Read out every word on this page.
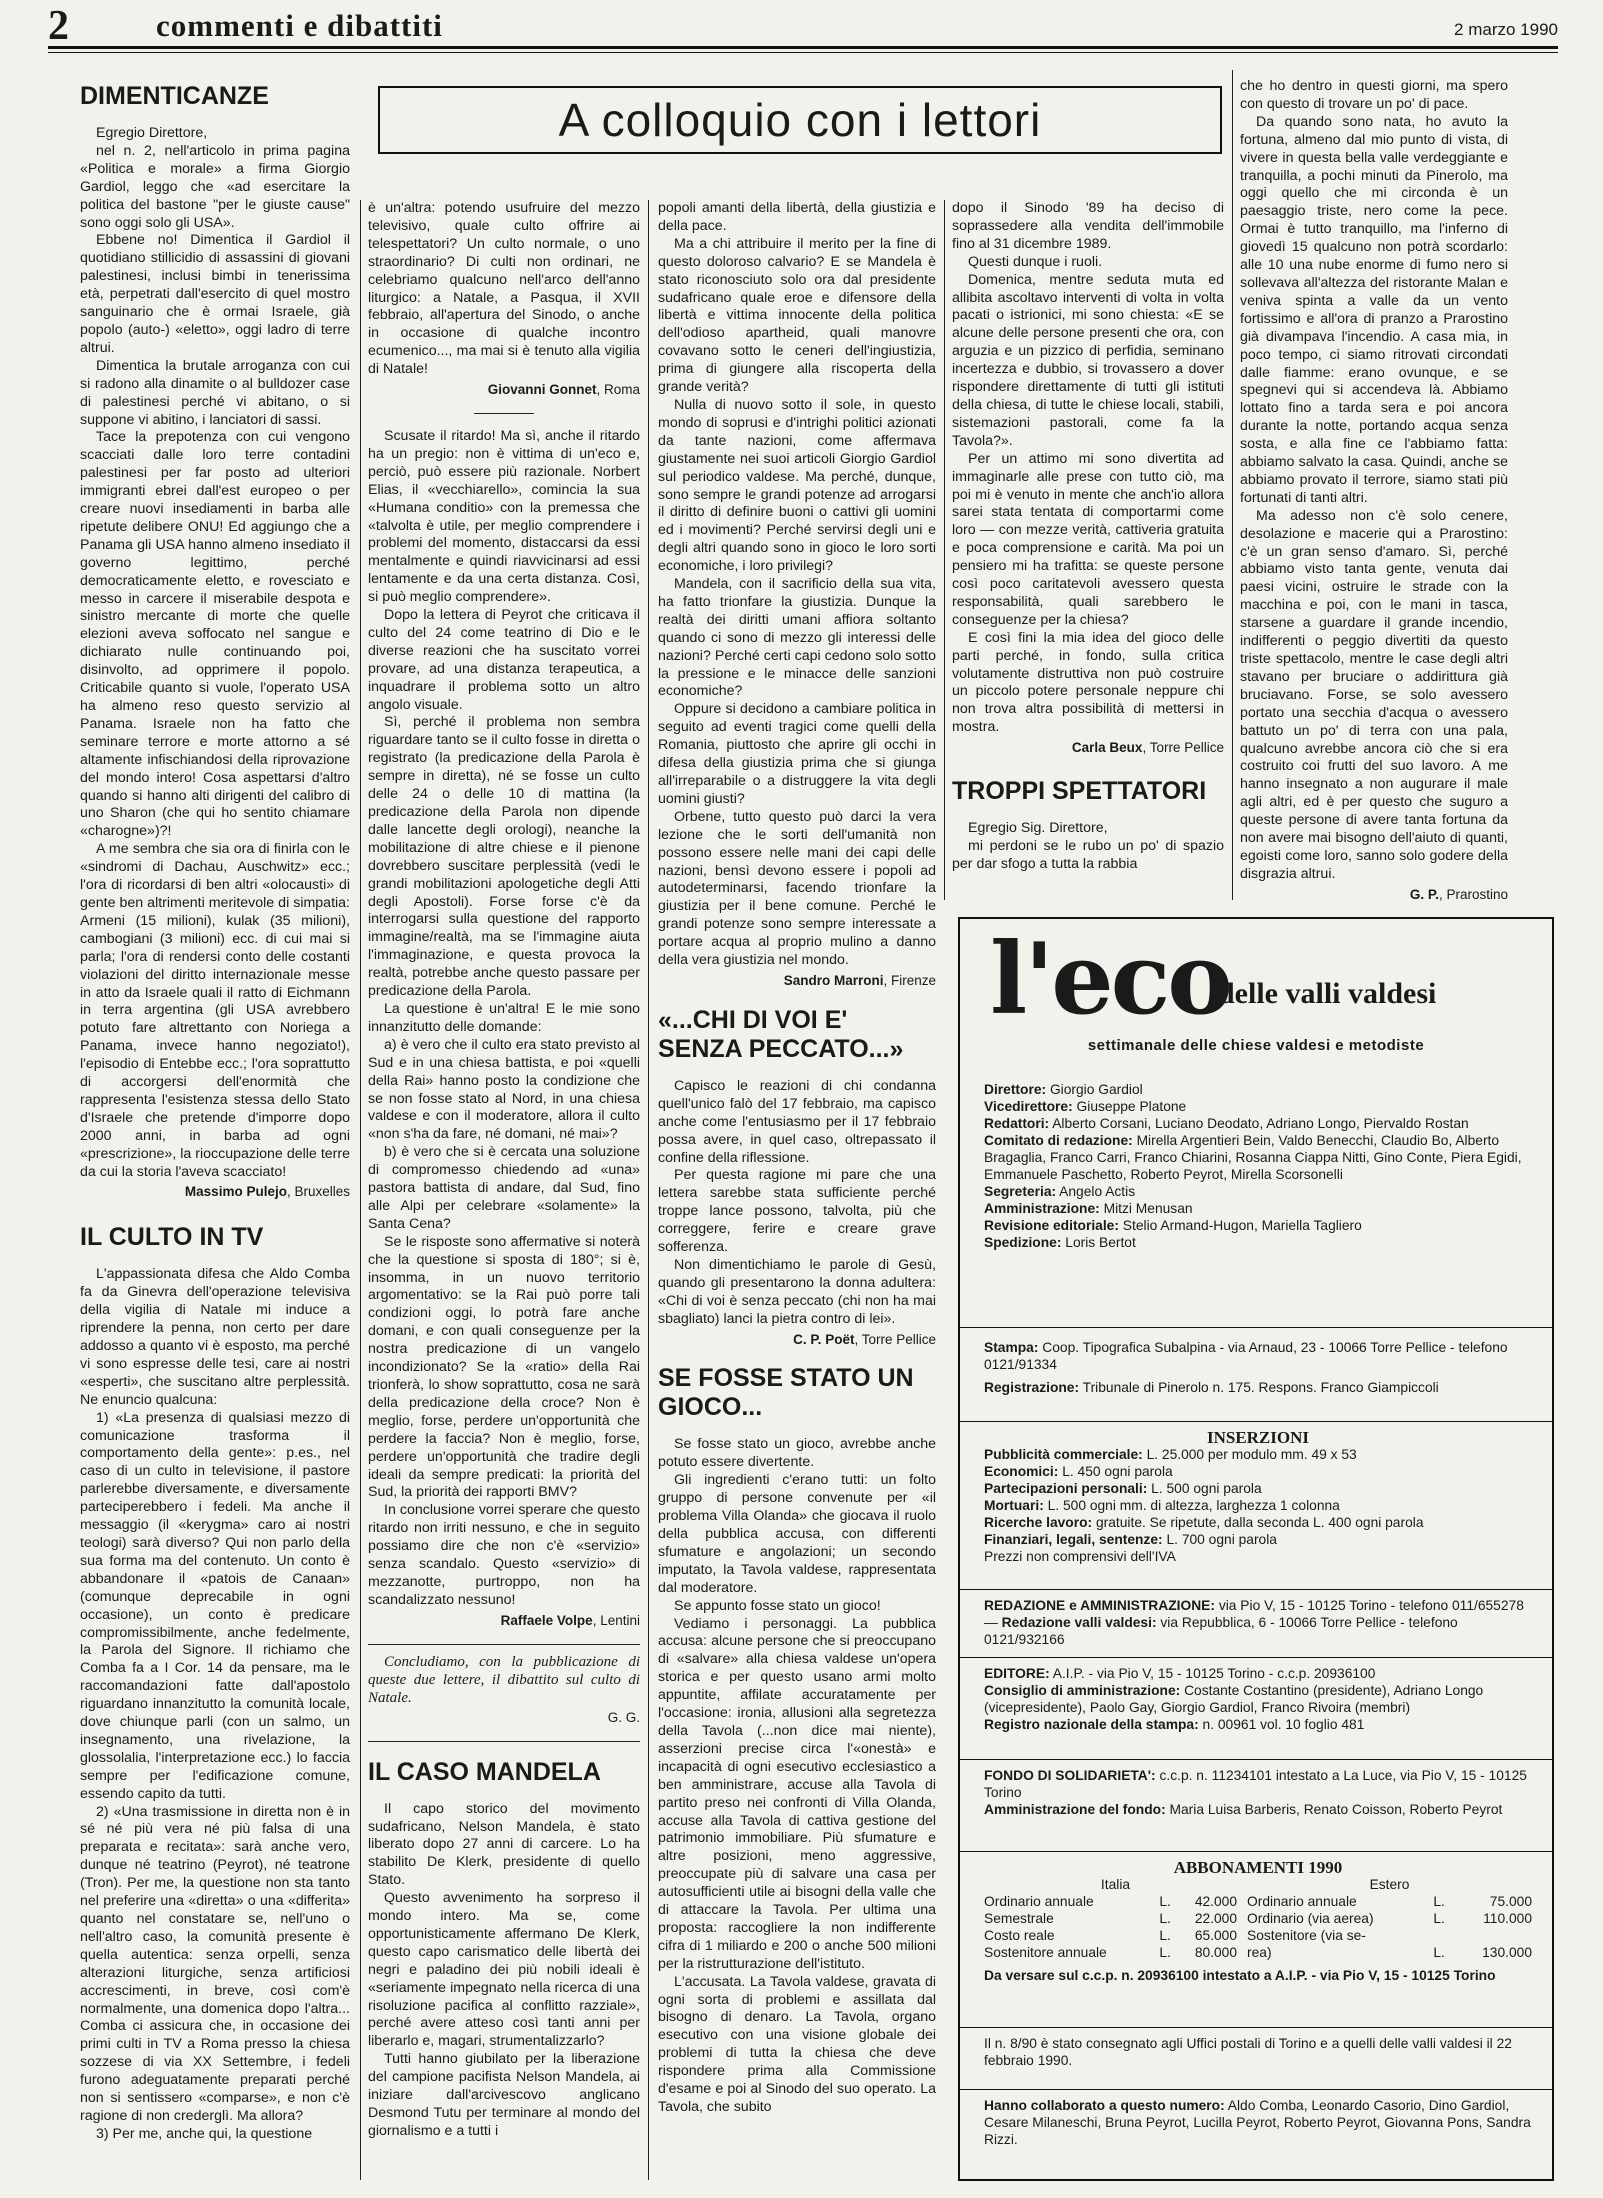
2	commenti e dibattiti	2 marzo 1990
A colloquio con i lettori
DIMENTICANZE

Egregio Direttore,

nel n. 2, nell'articolo in prima pagina «Politica e morale» a firma Giorgio Gardiol, leggo che «ad esercitare la politica del bastone "per le giuste cause" sono oggi solo gli USA».

Ebbene no! Dimentica il Gardiol il quotidiano stillicidio di assassini di giovani palestinesi, inclusi bimbi in tenerissima età, perpetrati dall'esercito di quel mostro sanguinario che è ormai Israele, già popolo (auto-) «eletto», oggi ladro di terre altrui.

Dimentica la brutale arroganza con cui si radono alla dinamite o al bulldozer case di palestinesi perché vi abitano, o si suppone vi abitino, i lanciatori di sassi.

Tace la prepotenza con cui vengono scacciati dalle loro terre contadini palestinesi per far posto ad ulteriori immigranti ebrei dall'est europeo o per creare nuovi insediamenti in barba alle ripetute delibere ONU! Ed aggiungo che a Panama gli USA hanno almeno insediato il governo legittimo, perché democraticamente eletto, e rovesciato e messo in carcere il miserabile despota e sinistro mercante di morte che quelle elezioni aveva soffocato nel sangue e dichiarato nulle continuando poi, disinvolto, ad opprimere il popolo. Criticabile quanto si vuole, l'operato USA ha almeno reso questo servizio al Panama. Israele non ha fatto che seminare terrore e morte attorno a sé altamente infischiandosi della riprovazione del mondo intero! Cosa aspettarsi d'altro quando si hanno alti dirigenti del calibro di uno Sharon (che qui ho sentito chiamare «charogne»)?!

A me sembra che sia ora di finirla con le «sindromi di Dachau, Auschwitz» ecc.; l'ora di ricordarsi di ben altri «olocausti» di gente ben altrimenti meritevole di simpatia: Armeni (15 milioni), kulak (35 milioni), cambogiani (3 milioni) ecc. di cui mai si parla; l'ora di rendersi conto delle costanti violazioni del diritto internazionale messe in atto da Israele quali il ratto di Eichmann in terra argentina (gli USA avrebbero potuto fare altrettanto con Noriega a Panama, invece hanno negoziato!), l'episodio di Entebbe ecc.; l'ora soprattutto di accorgersi dell'enormità che rappresenta l'esistenza stessa dello Stato d'Israele che pretende d'imporre dopo 2000 anni, in barba ad ogni «prescrizione», la rioccupazione delle terre da cui la storia l'aveva scacciato!

Massimo Pulejo, Bruxelles
IL CULTO IN TV

L'appassionata difesa che Aldo Comba fa da Ginevra dell'operazione televisiva della vigilia di Natale mi induce a riprendere la penna, non certo per dare addosso a quanto vi è esposto, ma perché vi sono espresse delle tesi, care ai nostri «esperti», che suscitano altre perplessità. Ne enuncio qualcuna:

1) «La presenza di qualsiasi mezzo di comunicazione trasforma il comportamento della gente»: p.es., nel caso di un culto in televisione, il pastore parlerebbe diversamente, e diversamente parteciperebbero i fedeli. Ma anche il messaggio (il «kerygma» caro ai nostri teologi) sarà diverso? Qui non parlo della sua forma ma del contenuto. Un conto è abbandonare il «patois de Canaan» (comunque deprecabile in ogni occasione), un conto è predicare compromissibilmente, anche fedelmente, la Parola del Signore. Il richiamo che Comba fa a I Cor. 14 da pensare, ma le raccomandazioni fatte dall'apostolo riguardano innanzitutto la comunità locale, dove chiunque parli (con un salmo, un insegnamento, una rivelazione, la glossolalia, l'interpretazione ecc.) lo faccia sempre per l'edificazione comune, essendo capito da tutti.

2) «Una trasmissione in diretta non è in sé né più vera né più falsa di una preparata e recitata»: sarà anche vero, dunque né teatrino (Peyrot), né teatrone (Tron). Per me, la questione non sta tanto nel preferire una «diretta» o una «differita» quanto nel constatare se, nell'uno o nell'altro caso, la comunità presente è quella autentica: senza orpelli, senza alterazioni liturgiche, senza artificiosi accrescimenti, in breve, così com'è normalmente, una domenica dopo l'altra... Comba ci assicura che, in occasione dei primi culti in TV a Roma presso la chiesa sozzese di via XX Settembre, i fedeli furono adeguatamente preparati perché non si sentissero «comparse», e non c'è ragione di non crederglì. Ma allora?

3) Per me, anche qui, la questione

è un'altra: potendo usufruire del mezzo televisivo, quale culto offrire ai telespettatori? Un culto normale, o uno straordinario? Di culti non ordinari, ne celebriamo qualcuno nell'arco dell'anno liturgico: a Natale, a Pasqua, il XVII febbraio, all'apertura del Sinodo, o anche in occasione di qualche incontro ecumenico..., ma mai si è tenuto alla vigilia di Natale!

Giovanni Gonnet, Roma

Scusate il ritardo! Ma sì, anche il ritardo ha un pregio: non è vittima di un'eco e, perciò, può essere più razionale. Norbert Elias, il «vecchiarello», comincia la sua «Humana conditio» con la premessa che «talvolta è utile, per meglio comprendere i problemi del momento, distaccarsi da essi mentalmente e quindi riavvicinarsi ad essi lentamente e da una certa distanza. Così, si può meglio comprendere».

Dopo la lettera di Peyrot che criticava il culto del 24 come teatrino di Dio e le diverse reazioni che ha suscitato vorrei provare, ad una distanza terapeutica, a inquadrare il problema sotto un altro angolo visuale.

Sì, perché il problema non sembra riguardare tanto se il culto fosse in diretta o registrato (la predicazione della Parola è sempre in diretta), né se fosse un culto delle 24 o delle 10 di mattina (la predicazione della Parola non dipende dalle lancette degli orologi), neanche la mobilitazione di altre chiese e il pienone dovrebbero suscitare perplessità (vedi le grandi mobilitazioni apologetiche degli Atti degli Apostoli). Forse forse c'è da interrogarsi sulla questione del rapporto immagine/realtà, ma se l'immagine aiuta l'immaginazione, e questa provoca la realtà, potrebbe anche questo passare per predicazione della Parola.

La questione è un'altra! E le mie sono innanzitutto delle domande:

a) è vero che il culto era stato previsto al Sud e in una chiesa battista, e poi «quelli della Rai» hanno posto la condizione che se non fosse stato al Nord, in una chiesa valdese e con il moderatore, allora il culto «non s'ha da fare, né domani, né mai»?

b) è vero che si è cercata una soluzione di compromesso chiedendo ad «una» pastora battista di andare, dal Sud, fino alle Alpi per celebrare «solamente» la Santa Cena?

Se le risposte sono affermative si noterà che la questione si sposta di 180°; si è, insomma, in un nuovo territorio argomentativo: se la Rai può porre tali condizioni oggi, lo potrà fare anche domani, e con quali conseguenze per la nostra predicazione di un vangelo incondizionato? Se la «ratio» della Rai trionferà, lo show soprattutto, cosa ne sarà della predicazione della croce? Non è meglio, forse, perdere un'opportunità che perdere la faccia? Non è meglio, forse, perdere un'opportunità che tradire degli ideali da sempre predicati: la priorità del Sud, la priorità dei rapporti BMV?

In conclusione vorrei sperare che questo ritardo non irriti nessuno, e che in seguito possiamo dire che non c'è «servizio» senza scandalo. Questo «servizio» di mezzanotte, purtroppo, non ha scandalizzato nessuno!

Raffaele Volpe, Lentini

Concludiamo, con la pubblicazione di queste due lettere, il dibattito sul culto di Natale.

G. G.
IL CASO MANDELA

Il capo storico del movimento sudafricano, Nelson Mandela, è stato liberato dopo 27 anni di carcere. Lo ha stabilito De Klerk, presidente di quello Stato.

Questo avvenimento ha sorpreso il mondo intero. Ma se, come opportunisticamente affermano De Klerk, questo capo carismatico delle libertà dei negri e paladino dei più nobili ideali è «seriamente impegnato nella ricerca di una risoluzione pacifica al conflitto razziale», perché avere atteso così tanti anni per liberarlo e, magari, strumentalizzarlo?

Tutti hanno giubilato per la liberazione del campione pacifista Nelson Mandela, ai iniziare dall'arcivescovo anglicano Desmond Tutu per terminare al mondo del giornalismo e a tutti i

popoli amanti della libertà, della giustizia e della pace.

Ma a chi attribuire il merito per la fine di questo doloroso calvario? E se Mandela è stato riconosciuto solo ora dal presidente sudafricano quale eroe e difensore della libertà e vittima innocente della politica dell'odioso apartheid, quali manovre covavano sotto le ceneri dell'ingiustizia, prima di giungere alla riscoperta della grande verità?

Nulla di nuovo sotto il sole, in questo mondo di soprusi e d'intrighi politici azionati da tante nazioni, come affermava giustamente nei suoi articoli Giorgio Gardiol sul periodico valdese. Ma perché, dunque, sono sempre le grandi potenze ad arrogarsi il diritto di definire buoni o cattivi gli uomini ed i movimenti? Perché servirsi degli uni e degli altri quando sono in gioco le loro sorti economiche, i loro privilegi?

Mandela, con il sacrificio della sua vita, ha fatto trionfare la giustizia. Dunque la realtà dei diritti umani affiora soltanto quando ci sono di mezzo gli interessi delle nazioni? Perché certi capi cedono solo sotto la pressione e le minacce delle sanzioni economiche?

Oppure si decidono a cambiare politica in seguito ad eventi tragici come quelli della Romania, piuttosto che aprire gli occhi in difesa della giustizia prima che si giunga all'irreparabile o a distruggere la vita degli uomini giusti?

Orbene, tutto questo può darci la vera lezione che le sorti dell'umanità non possono essere nelle mani dei capi delle nazioni, bensì devono essere i popoli ad autodeterminarsi, facendo trionfare la giustizia per il bene comune. Perché le grandi potenze sono sempre interessate a portare acqua al proprio mulino a danno della vera giustizia nel mondo.

Sandro Marroni, Firenze
«...CHI DI VOI E' SENZA PECCATO...»

Capisco le reazioni di chi condanna quell'unico falò del 17 febbraio, ma capisco anche come l'entusiasmo per il 17 febbraio possa avere, in quel caso, oltrepassato il confine della riflessione.

Per questa ragione mi pare che una lettera sarebbe stata sufficiente perché troppe lance possono, talvolta, più che correggere, ferire e creare grave sofferenza.

Non dimentichiamo le parole di Gesù, quando gli presentarono la donna adultera: «Chi di voi è senza peccato (chi non ha mai sbagliato) lanci la pietra contro di lei».

C. P. Poët, Torre Pellice
SE FOSSE STATO UN GIOCO...

Se fosse stato un gioco, avrebbe anche potuto essere divertente.

Gli ingredienti c'erano tutti: un folto gruppo di persone convenute per «il problema Villa Olanda» che giocava il ruolo della pubblica accusa, con differenti sfumature e angolazioni; un secondo imputato, la Tavola valdese, rappresentata dal moderatore.

Se appunto fosse stato un gioco!

Vediamo i personaggi. La pubblica accusa: alcune persone che si preoccupano di «salvare» alla chiesa valdese un'opera storica e per questo usano armi molto appuntite, affilate accuratamente per l'occasione: ironia, allusioni alla segretezza della Tavola (...non dice mai niente), asserzioni precise circa l'«onestà» e incapacità di ogni esecutivo ecclesiastico a ben amministrare, accuse alla Tavola di partito preso nei confronti di Villa Olanda, accuse alla Tavola di cattiva gestione del patrimonio immobiliare. Più sfumature e altre posizioni, meno aggressive, preoccupate più di salvare una casa per autosufficienti utile ai bisogni della valle che di attaccare la Tavola. Per ultima una proposta: raccogliere la non indifferente cifra di 1 miliardo e 200 o anche 500 milioni per la ristrutturazione dell'istituto.

L'accusata. La Tavola valdese, gravata di ogni sorta di problemi e assillata dal bisogno di denaro. La Tavola, organo esecutivo con una visione globale dei problemi di tutta la chiesa che deve rispondere prima alla Commissione d'esame e poi al Sinodo del suo operato. La Tavola, che subito

dopo il Sinodo '89 ha deciso di soprassedere alla vendita dell'immobile fino al 31 dicembre 1989.

Questi dunque i ruoli.

Domenica, mentre seduta muta ed allibita ascoltavo interventi di volta in volta pacati o istrionici, mi sono chiesta: «E se alcune delle persone presenti che ora, con arguzia e un pizzico di perfidia, seminano incertezza e dubbio, si trovassero a dover rispondere direttamente di tutti gli istituti della chiesa, di tutte le chiese locali, stabili, sistemazioni pastorali, come fa la Tavola?».

Per un attimo mi sono divertita ad immaginarle alle prese con tutto ciò, ma poi mi è venuto in mente che anch'io allora sarei stata tentata di comportarmi come loro — con mezze verità, cattiveria gratuita e poca comprensione e carità. Ma poi un pensiero mi ha trafitta: se queste persone così poco caritatevoli avessero questa responsabilità, quali sarebbero le conseguenze per la chiesa?

E così fini la mia idea del gioco delle parti perché, in fondo, sulla critica volutamente distruttiva non può costruire un piccolo potere personale neppure chi non trova altra possibilità di mettersi in mostra.

Carla Beux, Torre Pellice
TROPPI SPETTATORI

Egregio Sig. Direttore,

mi perdoni se le rubo un po' di spazio per dar sfogo a tutta la rabbia

che ho dentro in questi giorni, ma spero con questo di trovare un po' di pace.

Da quando sono nata, ho avuto la fortuna, almeno dal mio punto di vista, di vivere in questa bella valle verdeggiante e tranquilla, a pochi minuti da Pinerolo, ma oggi quello che mi circonda è un paesaggio triste, nero come la pece. Ormai è tutto tranquillo, ma l'inferno di giovedì 15 qualcuno non potrà scordarlo: alle 10 una nube enorme di fumo nero si sollevava all'altezza del ristorante Malan e veniva spinta a valle da un vento fortissimo e all'ora di pranzo a Prarostino già divampava l'incendio. A casa mia, in poco tempo, ci siamo ritrovati circondati dalle fiamme: erano ovunque, e se spegnevi qui si accendeva là. Abbiamo lottato fino a tarda sera e poi ancora durante la notte, portando acqua senza sosta, e alla fine ce l'abbiamo fatta: abbiamo salvato la casa. Quindi, anche se abbiamo provato il terrore, siamo stati più fortunati di tanti altri.

Ma adesso non c'è solo cenere, desolazione e macerie qui a Prarostino: c'è un gran senso d'amaro. Sì, perché abbiamo visto tanta gente, venuta dai paesi vicini, ostruire le strade con la macchina e poi, con le mani in tasca, starsene a guardare il grande incendio, indifferenti o peggio divertiti da questo triste spettacolo, mentre le case degli altri stavano per bruciare o addirittura già bruciavano. Forse, se solo avessero portato una secchia d'acqua o avessero battuto un po' di terra con una pala, qualcuno avrebbe ancora ciò che si era costruito coi frutti del suo lavoro. A me hanno insegnato a non augurare il male agli altri, ed è per questo che suguro a queste persone di avere tanta fortuna da non avere mai bisogno dell'aiuto di quanti, egoisti come loro, sanno solo godere della disgrazia altrui.

G. P., Prarostino
l'eco
delle valli valdesi
settimanale delle chiese valdesi e metodiste
Direttore: Giorgio Gardiol
Vicedirettore: Giuseppe Platone
Redattori: Alberto Corsani, Luciano Deodato, Adriano Longo, Piervaldo Rostan
Comitato di redazione: Mirella Argentieri Bein, Valdo Benecchi, Claudio Bo, Alberto Bragaglia, Franco Carri, Franco Chiarini, Rosanna Ciappa Nitti, Gino Conte, Piera Egidi, Emmanuele Paschetto, Roberto Peyrot, Mirella Scorsonelli
Segreteria: Angelo Actis
Amministrazione: Mitzi Menusan
Revisione editoriale: Stelio Armand-Hugon, Mariella Tagliero
Spedizione: Loris Bertot
Stampa: Coop. Tipografica Subalpina - via Arnaud, 23 - 10066 Torre Pellice - telefono 0121/91334
Registrazione: Tribunale di Pinerolo n. 175. Respons. Franco Giampiccoli
INSERZIONI
Pubblicità commerciale: L. 25.000 per modulo mm. 49 x 53
Economici: L. 450 ogni parola
Partecipazioni personali: L. 500 ogni parola
Mortuari: L. 500 ogni mm. di altezza, larghezza 1 colonna
Ricerche lavoro: gratuite. Se ripetute, dalla seconda L. 400 ogni parola
Finanziari, legali, sentenze: L. 700 ogni parola
Prezzi non comprensivi dell'IVA
REDAZIONE e AMMINISTRAZIONE: via Pio V, 15 - 10125 Torino - telefono 011/655278 — Redazione valli valdesi: via Repubblica, 6 - 10066 Torre Pellice - telefono 0121/932166
EDITORE: A.I.P. - via Pio V, 15 - 10125 Torino - c.c.p. 20936100
Consiglio di amministrazione: Costante Costantino (presidente), Adriano Longo (vicepresidente), Paolo Gay, Giorgio Gardiol, Franco Rivoira (membri)
Registro nazionale della stampa: n. 00961 vol. 10 foglio 481
FONDO DI SOLIDARIETA': c.c.p. n. 11234101 intestato a La Luce, via Pio V, 15 - 10125 Torino
Amministrazione del fondo: Maria Luisa Barberis, Renato Coisson, Roberto Peyrot
ABBONAMENTI 1990
Italia			Estero		
Ordinario annuale	L.	42.000	Ordinario annuale	L.	75.000
Semestrale	L.	22.000	Ordinario (via aerea)	L.	110.000
Costo reale	L.	65.000	Sostenitore (via se-		
Sostenitore annuale	L.	80.000	rea)	L.	130.000
Da versare sul c.c.p. n. 20936100 intestato a A.I.P. - via Pio V, 15 - 10125 Torino
Il n. 8/90 è stato consegnato agli Uffici postali di Torino e a quelli delle valli valdesi il 22 febbraio 1990.
Hanno collaborato a questo numero: Aldo Comba, Leonardo Casorio, Dino Gardiol, Cesare Milaneschi, Bruna Peyrot, Lucilla Peyrot, Roberto Peyrot, Giovanna Pons, Sandra Rizzi.
